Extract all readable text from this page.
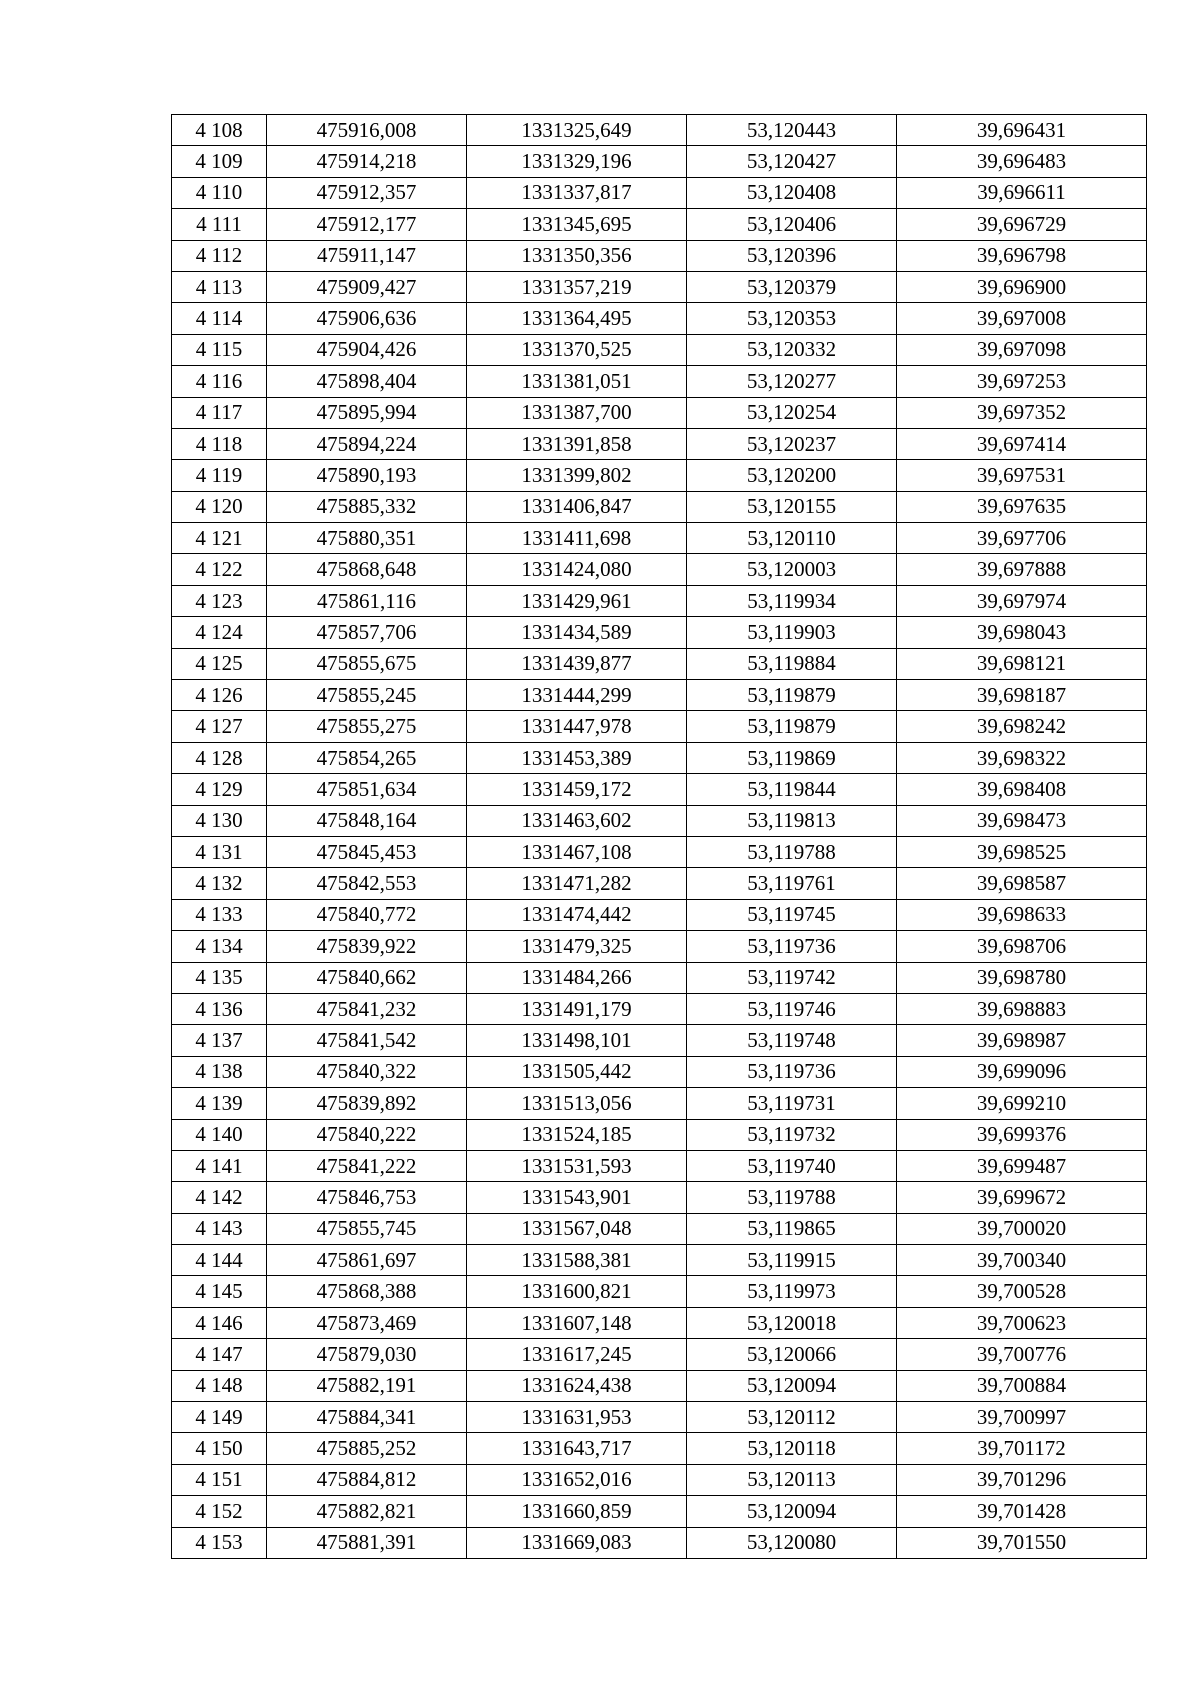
4 108	475916,008	1331325,649	53,120443	39,696431
4 109	475914,218	1331329,196	53,120427	39,696483
4 110	475912,357	1331337,817	53,120408	39,696611
4 111	475912,177	1331345,695	53,120406	39,696729
4 112	475911,147	1331350,356	53,120396	39,696798
4 113	475909,427	1331357,219	53,120379	39,696900
4 114	475906,636	1331364,495	53,120353	39,697008
4 115	475904,426	1331370,525	53,120332	39,697098
4 116	475898,404	1331381,051	53,120277	39,697253
4 117	475895,994	1331387,700	53,120254	39,697352
4 118	475894,224	1331391,858	53,120237	39,697414
4 119	475890,193	1331399,802	53,120200	39,697531
4 120	475885,332	1331406,847	53,120155	39,697635
4 121	475880,351	1331411,698	53,120110	39,697706
4 122	475868,648	1331424,080	53,120003	39,697888
4 123	475861,116	1331429,961	53,119934	39,697974
4 124	475857,706	1331434,589	53,119903	39,698043
4 125	475855,675	1331439,877	53,119884	39,698121
4 126	475855,245	1331444,299	53,119879	39,698187
4 127	475855,275	1331447,978	53,119879	39,698242
4 128	475854,265	1331453,389	53,119869	39,698322
4 129	475851,634	1331459,172	53,119844	39,698408
4 130	475848,164	1331463,602	53,119813	39,698473
4 131	475845,453	1331467,108	53,119788	39,698525
4 132	475842,553	1331471,282	53,119761	39,698587
4 133	475840,772	1331474,442	53,119745	39,698633
4 134	475839,922	1331479,325	53,119736	39,698706
4 135	475840,662	1331484,266	53,119742	39,698780
4 136	475841,232	1331491,179	53,119746	39,698883
4 137	475841,542	1331498,101	53,119748	39,698987
4 138	475840,322	1331505,442	53,119736	39,699096
4 139	475839,892	1331513,056	53,119731	39,699210
4 140	475840,222	1331524,185	53,119732	39,699376
4 141	475841,222	1331531,593	53,119740	39,699487
4 142	475846,753	1331543,901	53,119788	39,699672
4 143	475855,745	1331567,048	53,119865	39,700020
4 144	475861,697	1331588,381	53,119915	39,700340
4 145	475868,388	1331600,821	53,119973	39,700528
4 146	475873,469	1331607,148	53,120018	39,700623
4 147	475879,030	1331617,245	53,120066	39,700776
4 148	475882,191	1331624,438	53,120094	39,700884
4 149	475884,341	1331631,953	53,120112	39,700997
4 150	475885,252	1331643,717	53,120118	39,701172
4 151	475884,812	1331652,016	53,120113	39,701296
4 152	475882,821	1331660,859	53,120094	39,701428
4 153	475881,391	1331669,083	53,120080	39,701550
